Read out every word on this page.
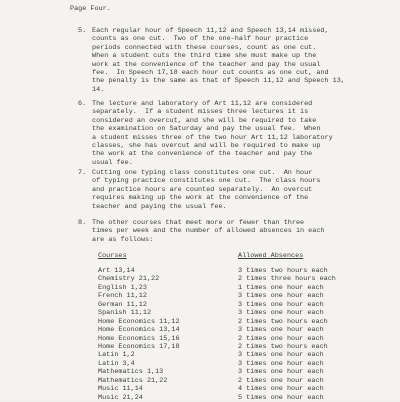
Page Four.
5. Each regular hour of Speech 11,12 and Speech 13,14 missed,
counts as one cut.  Two of the one-half hour practice
periods connected with these courses, count as one cut.
When a student cuts the third time she must make up the
work at the convenience of the teacher and pay the usual
fee.  In Speech 17,18 each hour cut counts as one cut, and
the penalty is the same as that of Speech 11,12 and Speech 13,
14.
6. The lecture and laboratory of Art 11,12 are considered
separately.  If a student misses three lectures it is
considered an overcut, and she will be required to take
the examination on Saturday and pay the usual fee.  When
a student misses three of the two hour Art 11,12 laboratory
classes, she has overcut and will be required to make up
the work at the convenience of the teacher and pay the
usual fee.
7. Cutting one typing class constitutes one cut.  An hour
of typing practice constitutes one cut.  The class hours
and practice hours are counted separately.  An overcut
requires making up the work at the convenience of the
teacher and paying the usual fee.
8. The other courses that meet more or fewer than three
times per week and the number of allowed absences in each
are as follows:
Courses	Allowed Absences
Art 13,14	3 times two hours each
Chemistry 21,22	2 times three hours each
English 1,23	1 times one hour each
French 11,12	3 times one hour each
German 11,12	3 times one hour each
Spanish 11,12	3 times one hour each
Home Economics 11,12	2 times two hours each
Home Economics 13,14	3 times one hour each
Home Economics 15,16	2 times one hour each
Home Economics 17,18	2 times two hours each
Latin 1,2	3 times one hour each
Latin 3,4	3 times one hour each
Mathematics 1,13	3 times one hour each
Mathematics 21,22	2 times one hour each
Music 11,14	4 times one hour each
Music 21,24	5 times one hour each
